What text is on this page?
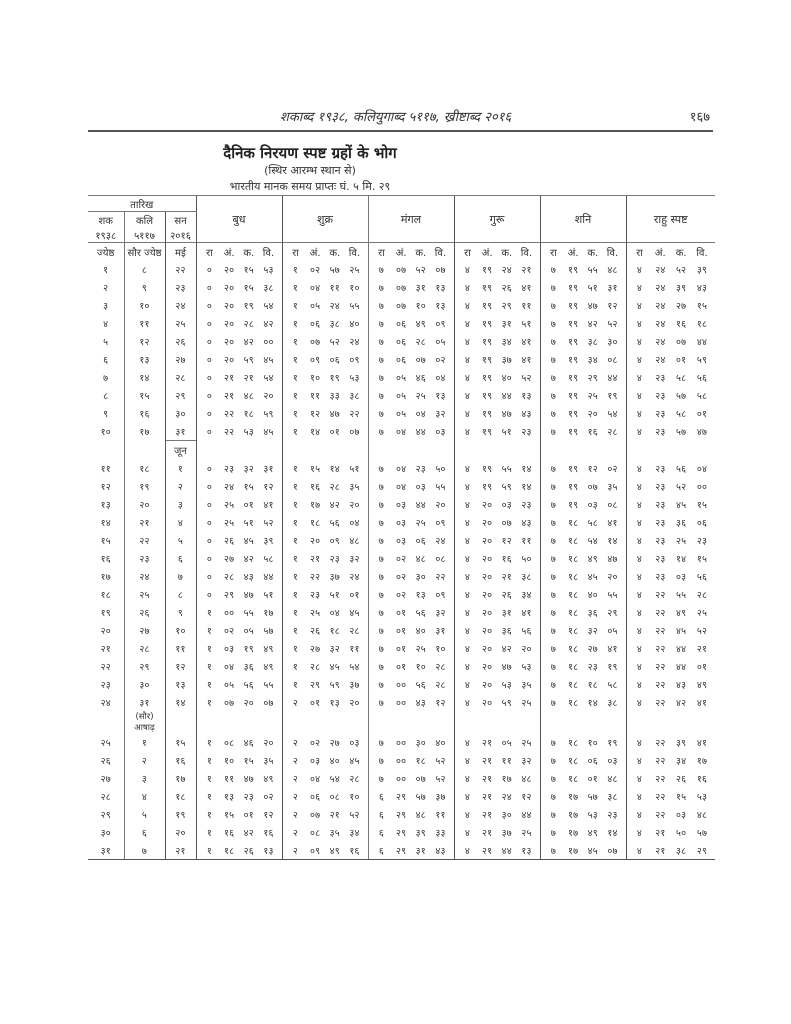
शकाब्द १९३८, कलियुगाब्द ५११७, ख्रीष्टाब्द २०१६	१६७
दैनिक निरयण स्पष्ट ग्रहों के भोग
(स्थिर आरम्भ स्थान से)
भारतीय मानक समय प्राप्तः घं. ५ मि. २९
तारिख			बुध	शुक्र	मंगल	गुरू	शनि	राहु स्पष्ट
शक	कलि	सन						
१९३८	५११७	२०१६						
ज्येष्ठ	सौर ज्येष्ठ	मई	रा अं. क. वि.	रा अं. क. वि.	रा अं. क. वि.	रा अं. क. वि.	रा अं. क. वि.	रा अं. क. वि.

१	८	२२	० २० १५ ५३	१ ०२ ५७ २५	७ ०७ ५२ ०७	४ १९ २४ २१	७ १९ ५५ ४८	४ २४ ५२ ३९

२	९	२३	० २० १५ ३८	१ ०४ ११ १०	७ ०७ ३१ १३	४ १९ २६ ४१	७ १९ ५१ ३१	४ २४ ३९ ४३

३	१०	२४	० २० १९ ५४	१ ०५ २४ ५५	७ ०७ १० १३	४ १९ २९ ११	७ १९ ४७ १२	४ २४ २७ १५

४	११	२५	० २० २८ ४२	१ ०६ ३८ ४०	७ ०६ ४९ ०९	४ १९ ३१ ५१	७ १९ ४२ ५२	४ २४ १६ १८

५	१२	२६	० २० ४२ ००	१ ०७ ५२ २४	७ ०६ २८ ०५	४ १९ ३४ ४१	७ १९ ३८ ३०	४ २४ ०७ ४४

६	१३	२७	० २० ५९ ४५	१ ०९ ०६ ०९	७ ०६ ०७ ०२	४ १९ ३७ ४१	७ १९ ३४ ०८	४ २४ ०१ ५९

७	१४	२८	० २१ २१ ५४	१ १० १९ ५३	७ ०५ ४६ ०४	४ १९ ४० ५२	७ १९ २९ ४४	४ २३ ५८ ५६

८	१५	२९	० २१ ४८ २०	१ ११ ३३ ३८	७ ०५ २५ १३	४ १९ ४४ १३	७ १९ २५ १९	४ २३ ५७ ५८

९	१६	३०	० २२ १८ ५९	१ १२ ४७ २२	७ ०५ ०४ ३२	४ १९ ४७ ४३	७ १९ २० ५४	४ २३ ५८ ०१

१०	१७	३१	० २२ ५३ ४५	१ १४ ०१ ०७	७ ०४ ४४ ०३	४ १९ ५१ २३	७ १९ १६ २८	४ २३ ५७ ४७

		जून						
११	१८	१	० २३ ३२ ३१	१ १५ १४ ५१	७ ०४ २३ ५०	४ १९ ५५ १४	७ १९ १२ ०२	४ २३ ५६ ०४

१२	१९	२	० २४ १५ १२	१ १६ २८ ३५	७ ०४ ०३ ५५	४ १९ ५९ १४	७ १९ ०७ ३५	४ २३ ५२ ००

१३	२०	३	० २५ ०१ ४१	१ १७ ४२ २०	७ ०३ ४४ २०	४ २० ०३ २३	७ १९ ०३ ०८	४ २३ ४५ १५

१४	२१	४	० २५ ५१ ५२	१ १८ ५६ ०४	७ ०३ २५ ०९	४ २० ०७ ४३	७ १८ ५८ ४१	४ २३ ३६ ०६

१५	२२	५	० २६ ४५ ३९	१ २० ०९ ४८	७ ०३ ०६ २४	४ २० १२ ११	७ १८ ५४ १४	४ २३ २५ २३

१६	२३	६	० २७ ४२ ५८	१ २१ २३ ३२	७ ०२ ४८ ०८	४ २० १६ ५०	७ १८ ४९ ४७	४ २३ १४ १५

१७	२४	७	० २८ ४३ ४४	१ २२ ३७ २४	७ ०२ ३० २२	४ २० २१ ३८	७ १८ ४५ २०	४ २३ ०३ ५६

१८	२५	८	० २९ ४७ ५१	१ २३ ५१ ०१	७ ०२ १३ ०९	४ २० २६ ३४	७ १८ ४० ५५	४ २२ ५५ २८

१९	२६	९	१ ०० ५५ १७	१ २५ ०४ ४५	७ ०१ ५६ ३२	४ २० ३१ ४१	७ १८ ३६ २९	४ २२ ४९ २५

२०	२७	१०	१ ०२ ०५ ५७	१ २६ १८ २८	७ ०१ ४० ३१	४ २० ३६ ५६	७ १८ ३२ ०५	४ २२ ४५ ५२

२१	२८	११	१ ०३ १९ ४९	१ २७ ३२ ११	७ ०१ २५ १०	४ २० ४२ २०	७ १८ २७ ४१	४ २२ ४४ २१

२२	२९	१२	१ ०४ ३६ ४९	१ २८ ४५ ५४	७ ०१ १० २८	४ २० ४७ ५३	७ १८ २३ १९	४ २२ ४४ ०१

२३	३०	१३	१ ०५ ५६ ५५	१ २९ ५९ ३७	७ ०० ५६ २८	४ २० ५३ ३५	७ १८ १८ ५८	४ २२ ४३ ४९

२४	३१	१४	१ ०७ २० ०७	२ ०१ १३ २०	७ ०० ४३ १२	४ २० ५९ २५	७ १८ १४ ३८	४ २२ ४२ ४१

	(सौर) आषाढ़							
२५	१	१५	१ ०८ ४६ २०	२ ०२ २७ ०३	७ ०० ३० ४०	४ २१ ०५ २५	७ १८ १० १९	४ २२ ३९ ४१

२६	२	१६	१ १० १५ ३५	२ ०३ ४० ४५	७ ०० १८ ५२	४ २१ ११ ३२	७ १८ ०६ ०३	४ २२ ३४ १७

२७	३	१७	१ ११ ४७ ४९	२ ०४ ५४ २८	७ ०० ०७ ५२	४ २१ १७ ४८	७ १८ ०१ ४८	४ २२ २६ १६

२८	४	१८	१ १३ २३ ०२	२ ०६ ०८ १०	६ २९ ५७ ३७	४ २१ २४ १२	७ १७ ५७ ३८	४ २२ १५ ५३

२९	५	१९	१ १५ ०१ १२	२ ०७ २१ ५२	६ २९ ४८ ११	४ २१ ३० ४४	७ १७ ५३ २३	४ २२ ०३ ४८

३०	६	२०	१ १६ ४२ १६	२ ०८ ३५ ३४	६ २९ ३९ ३३	४ २१ ३७ २५	७ १७ ४९ १४	४ २१ ५० ५७

३१	७	२१	१ १८ २६ १३	२ ०९ ४९ १६	६ २९ ३१ ४३	४ २१ ४४ १३	७ १७ ४५ ०७	४ २१ ३८ २९
